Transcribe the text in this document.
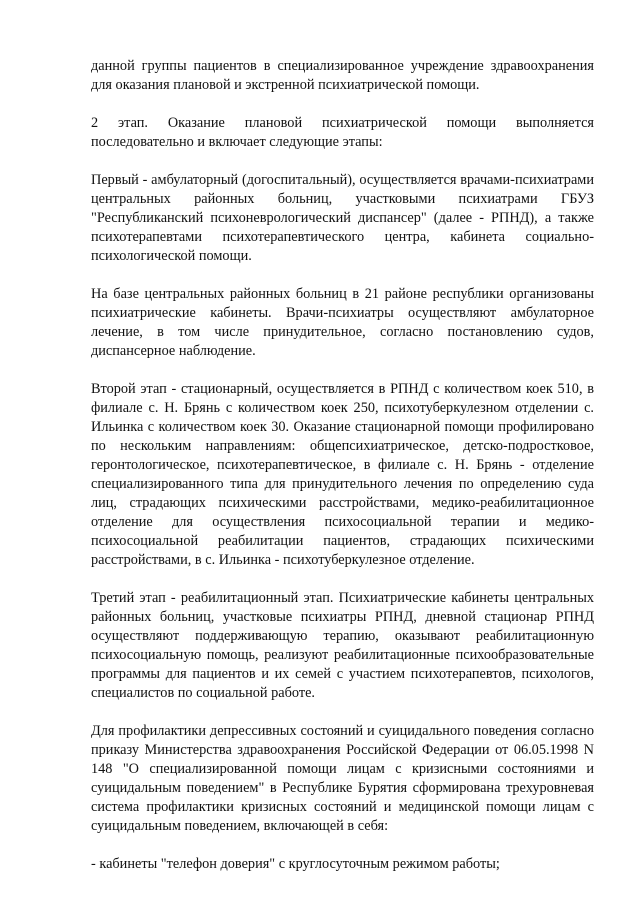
данной группы пациентов в специализированное учреждение здравоохранения для оказания плановой и экстренной психиатрической помощи.

2 этап. Оказание плановой психиатрической помощи выполняется последовательно и включает следующие этапы:

Первый - амбулаторный (догоспитальный), осуществляется врачами-психиатрами центральных районных больниц, участковыми психиатрами ГБУЗ "Республиканский психоневрологический диспансер" (далее - РПНД), а также психотерапевтами психотерапевтического центра, кабинета социально-психологической помощи.

На базе центральных районных больниц в 21 районе республики организованы психиатрические кабинеты. Врачи-психиатры осуществляют амбулаторное лечение, в том числе принудительное, согласно постановлению судов, диспансерное наблюдение.

Второй этап - стационарный, осуществляется в РПНД с количеством коек 510, в филиале с. Н. Брянь с количеством коек 250, психотуберкулезном отделении с. Ильинка с количеством коек 30. Оказание стационарной помощи профилировано по нескольким направлениям: общепсихиатрическое, детско-подростковое, геронтологическое, психотерапевтическое, в филиале с. Н. Брянь - отделение специализированного типа для принудительного лечения по определению суда лиц, страдающих психическими расстройствами, медико-реабилитационное отделение для осуществления психосоциальной терапии и медико-психосоциальной реабилитации пациентов, страдающих психическими расстройствами, в с. Ильинка - психотуберкулезное отделение.

Третий этап - реабилитационный этап. Психиатрические кабинеты центральных районных больниц, участковые психиатры РПНД, дневной стационар РПНД осуществляют поддерживающую терапию, оказывают реабилитационную психосоциальную помощь, реализуют реабилитационные психообразовательные программы для пациентов и их семей с участием психотерапевтов, психологов, специалистов по социальной работе.

Для профилактики депрессивных состояний и суицидального поведения согласно приказу Министерства здравоохранения Российской Федерации от 06.05.1998 N 148 "О специализированной помощи лицам с кризисными состояниями и суицидальным поведением" в Республике Бурятия сформирована трехуровневая система профилактики кризисных состояний и медицинской помощи лицам с суицидальным поведением, включающей в себя:

- кабинеты "телефон доверия" с круглосуточным режимом работы;
